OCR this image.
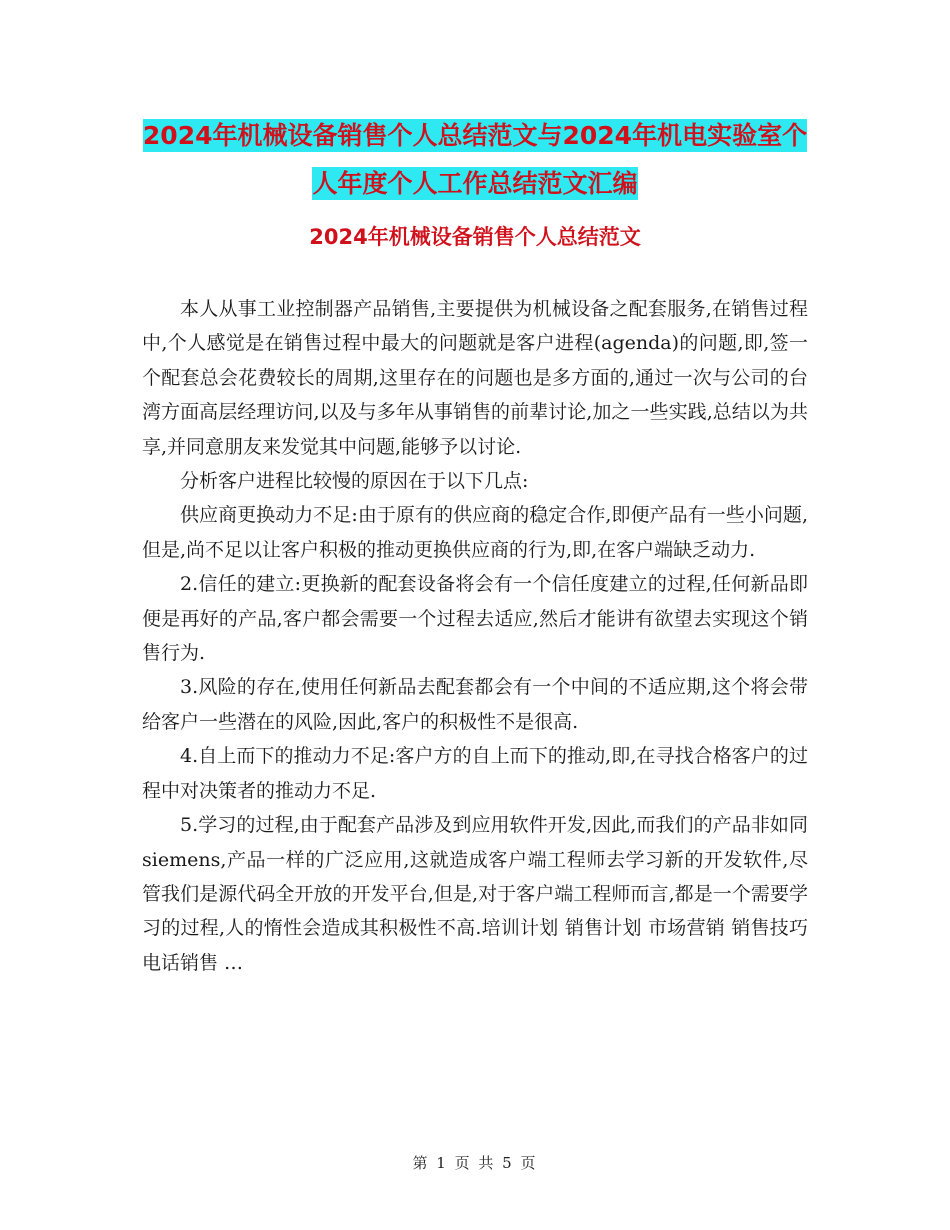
2024年机械设备销售个人总结范文与2024年机电实验室个人年度个人工作总结范文汇编
2024年机械设备销售个人总结范文

本人从事工业控制器产品销售,主要提供为机械设备之配套服务,在销售过程中,个人感觉是在销售过程中最大的问题就是客户进程(agenda)的问题,即,签一个配套总会花费较长的周期,这里存在的问题也是多方面的,通过一次与公司的台湾方面高层经理访问,以及与多年从事销售的前辈讨论,加之一些实践,总结以为共享,并同意朋友来发觉其中问题,能够予以讨论.

分析客户进程比较慢的原因在于以下几点:

供应商更换动力不足:由于原有的供应商的稳定合作,即便产品有一些小问题,但是,尚不足以让客户积极的推动更换供应商的行为,即,在客户端缺乏动力.

2.信任的建立:更换新的配套设备将会有一个信任度建立的过程,任何新品即便是再好的产品,客户都会需要一个过程去适应,然后才能讲有欲望去实现这个销售行为.

3.风险的存在,使用任何新品去配套都会有一个中间的不适应期,这个将会带给客户一些潜在的风险,因此,客户的积极性不是很高.

4.自上而下的推动力不足:客户方的自上而下的推动,即,在寻找合格客户的过程中对决策者的推动力不足.

5.学习的过程,由于配套产品涉及到应用软件开发,因此,而我们的产品非如同siemens,产品一样的广泛应用,这就造成客户端工程师去学习新的开发软件,尽管我们是源代码全开放的开发平台,但是,对于客户端工程师而言,都是一个需要学习的过程,人的惰性会造成其积极性不高.培训计划 销售计划 市场营销 销售技巧 电话销售 …

第 1 页 共 5 页
